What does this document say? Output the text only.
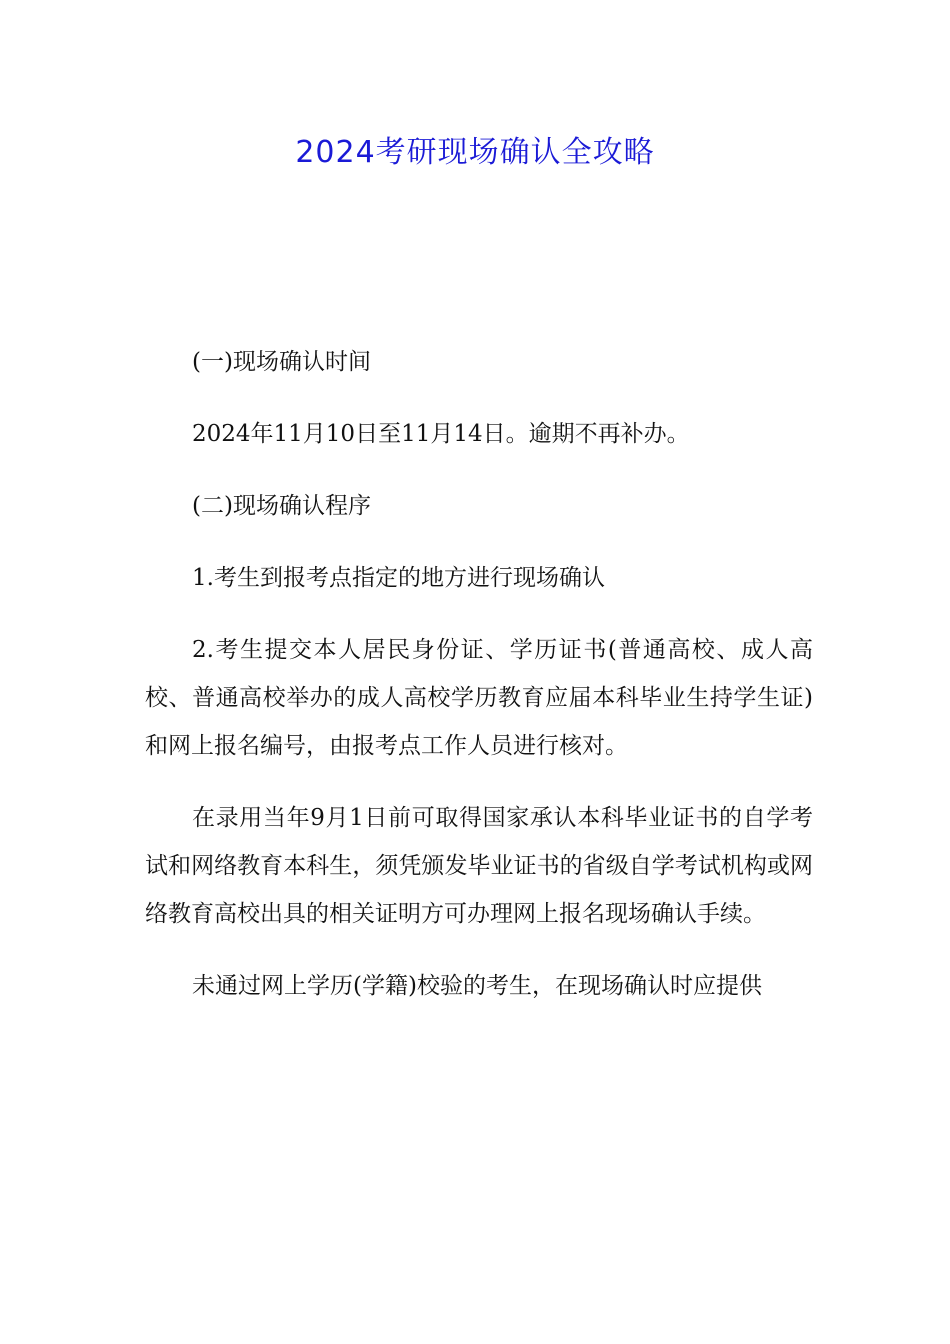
2024考研现场确认全攻略

(一)现场确认时间

2024年11月10日至11月14日。逾期不再补办。

(二)现场确认程序

1.考生到报考点指定的地方进行现场确认

2.考生提交本人居民身份证、学历证书(普通高校、成人高校、普通高校举办的成人高校学历教育应届本科毕业生持学生证)和网上报名编号，由报考点工作人员进行核对。

在录用当年9月1日前可取得国家承认本科毕业证书的自学考试和网络教育本科生，须凭颁发毕业证书的省级自学考试机构或网络教育高校出具的相关证明方可办理网上报名现场确认手续。

未通过网上学历(学籍)校验的考生，在现场确认时应提供
